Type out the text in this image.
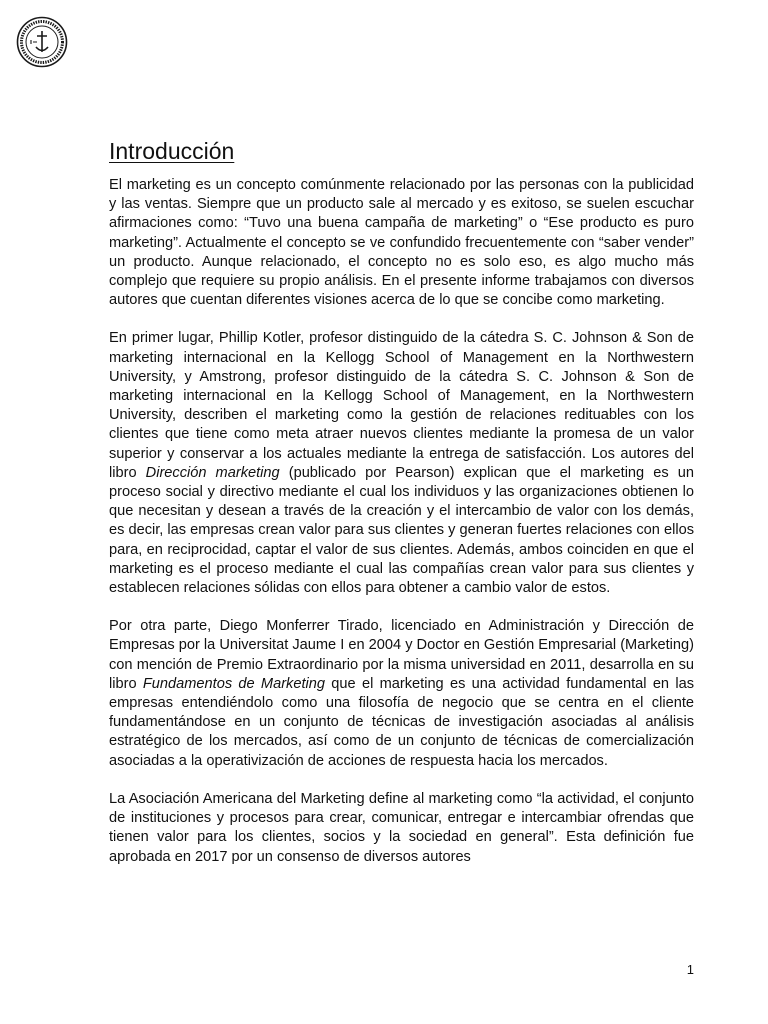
Introducción

El marketing es un concepto comúnmente relacionado por las personas con la publicidad y las ventas. Siempre que un producto sale al mercado y es exitoso, se suelen escuchar afirmaciones como: “Tuvo una buena campaña de marketing” o “Ese producto es puro marketing”. Actualmente el concepto se ve confundido frecuentemente con “saber vender” un producto. Aunque relacionado, el concepto no es solo eso, es algo mucho más complejo que requiere su propio análisis. En el presente informe trabajamos con diversos autores que cuentan diferentes visiones acerca de lo que se concibe como marketing.

En primer lugar, Phillip Kotler, profesor distinguido de la cátedra S. C. Johnson & Son de marketing internacional en la Kellogg School of Management en la Northwestern University, y Amstrong, profesor distinguido de la cátedra S. C. Johnson & Son de marketing internacional en la Kellogg School of Management, en la Northwestern University, describen el marketing como la gestión de relaciones redituables con los clientes que tiene como meta atraer nuevos clientes mediante la promesa de un valor superior y conservar a los actuales mediante la entrega de satisfacción. Los autores del libro Dirección marketing (publicado por Pearson) explican que el marketing es un proceso social y directivo mediante el cual los individuos y las organizaciones obtienen lo que necesitan y desean a través de la creación y el intercambio de valor con los demás, es decir, las empresas crean valor para sus clientes y generan fuertes relaciones con ellos para, en reciprocidad, captar el valor de sus clientes. Además, ambos coinciden en que el marketing es el proceso mediante el cual las compañías crean valor para sus clientes y establecen relaciones sólidas con ellos para obtener a cambio valor de estos.

Por otra parte, Diego Monferrer Tirado, licenciado en Administración y Dirección de Empresas por la Universitat Jaume I en 2004 y Doctor en Gestión Empresarial (Marketing) con mención de Premio Extraordinario por la misma universidad en 2011, desarrolla en su libro Fundamentos de Marketing que el marketing es una actividad fundamental en las empresas entendiéndolo como una filosofía de negocio que se centra en el cliente fundamentándose en un conjunto de técnicas de investigación asociadas al análisis estratégico de los mercados, así como de un conjunto de técnicas de comercialización asociadas a la operativización de acciones de respuesta hacia los mercados.

La Asociación Americana del Marketing define al marketing como “la actividad, el conjunto de instituciones y procesos para crear, comunicar, entregar e intercambiar ofrendas que tienen valor para los clientes, socios y la sociedad en general”. Esta definición fue aprobada en 2017 por un consenso de diversos autores

1
